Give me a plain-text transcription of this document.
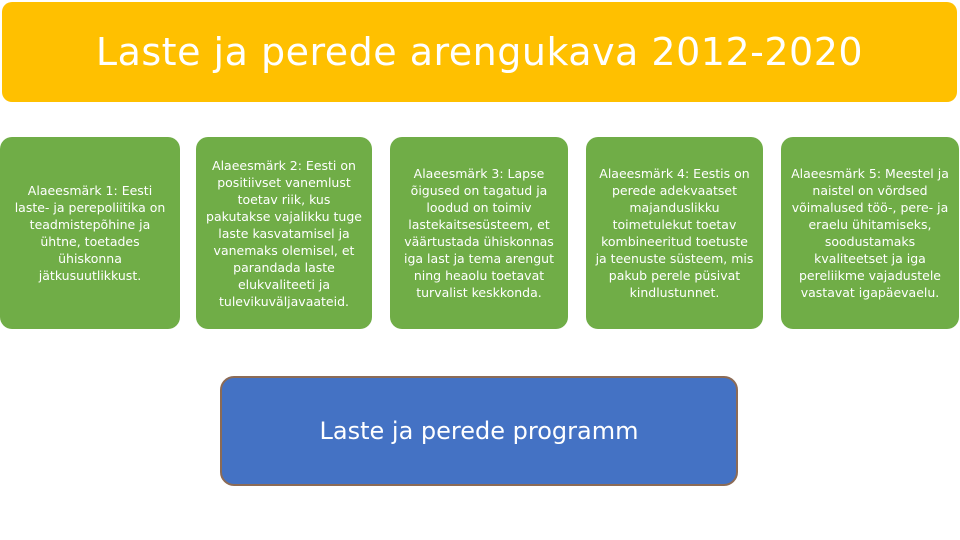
Laste ja perede arengukava 2012-2020
Alaeesmärk 1: Eesti laste- ja perepoliitika on teadmistepõhine ja ühtne, toetades ühiskonna jätkusuutlikkust.
Alaeesmärk 2: Eesti on positiivset vanemlust toetav riik, kus pakutakse vajalikku tuge laste kasvatamisel ja vanemaks olemisel, et parandada laste elukvaliteeti ja tulevikuväljavaateid.
Alaeesmärk 3: Lapse õigused on tagatud ja loodud on toimiv lastekaitsesüsteem, et väärtustada ühiskonnas iga last ja tema arengut ning heaolu toetavat turvalist keskkonda.
Alaeesmärk 4: Eestis on perede adekvaatset majanduslikku toimetulekut toetav kombineeritud toetuste ja teenuste süsteem, mis pakub perele püsivat kindlustunnet.
Alaeesmärk 5: Meestel ja naistel on võrdsed võimalused töö-, pere- ja eraelu ühitamiseks, soodustamaks kvaliteetset ja iga pereliikme vajadustele vastavat igapäevaelu.
Laste ja perede programm
